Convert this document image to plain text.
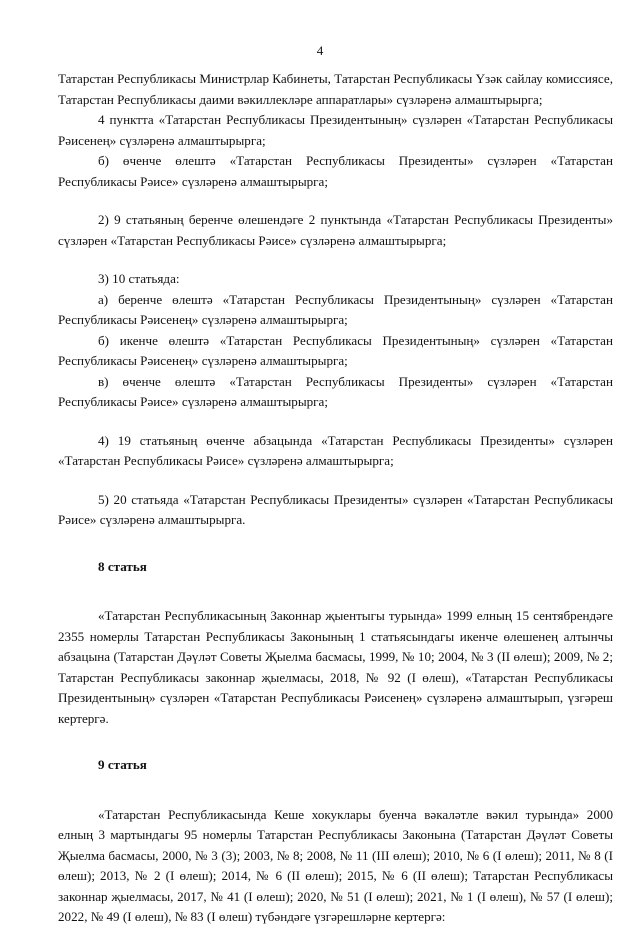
4

Татарстан Республикасы Министрлар Кабинеты, Татарстан Республикасы Үзәк сайлау комиссиясе, Татарстан Республикасы даими вәкиллекләре аппаратлары» сүзләренә алмаштырырга;

4 пунктта «Татарстан Республикасы Президентының» сүзләрен «Татарстан Республикасы Рәисенең» сүзләренә алмаштырырга;

б) өченче өлештә «Татарстан Республикасы Президенты» сүзләрен «Татарстан Республикасы Рәисе» сүзләренә алмаштырырга;

2) 9 статьяның беренче өлешендәге 2 пунктында «Татарстан Республикасы Президенты» сүзләрен «Татарстан Республикасы Рәисе» сүзләренә алмаштырырга;

3) 10 статьяда:

а) беренче өлештә «Татарстан Республикасы Президентының» сүзләрен «Татарстан Республикасы Рәисенең» сүзләренә алмаштырырга;

б) икенче өлештә «Татарстан Республикасы Президентының» сүзләрен «Татарстан Республикасы Рәисенең» сүзләренә алмаштырырга;

в) өченче өлештә «Татарстан Республикасы Президенты» сүзләрен «Татарстан Республикасы Рәисе» сүзләренә алмаштырырга;

4) 19 статьяның өченче абзацында «Татарстан Республикасы Президенты» сүзләрен «Татарстан Республикасы Рәисе» сүзләренә алмаштырырга;

5) 20 статьяда «Татарстан Республикасы Президенты» сүзләрен «Татарстан Республикасы Рәисе» сүзләренә алмаштырырга.

8 статья

«Татарстан Республикасының Законнар җыентыгы турында» 1999 елның 15 сентябрендәге 2355 номерлы Татарстан Республикасы Законының 1 статьясындагы икенче өлешенең алтынчы абзацына (Татарстан Дәүләт Советы Җыелма басмасы, 1999, № 10; 2004, № 3 (II өлеш); 2009, № 2; Татарстан Республикасы законнар җыелмасы, 2018, № 92 (I өлеш), «Татарстан Республикасы Президентының» сүзләрен «Татарстан Республикасы Рәисенең» сүзләренә алмаштырып, үзгәреш кертергә.

9 статья

«Татарстан Республикасында Кеше хокуклары буенча вәкаләтле вәкил турында» 2000 елның 3 мартындагы 95 номерлы Татарстан Республикасы Законына (Татарстан Дәүләт Советы Җыелма басмасы, 2000, № 3 (3); 2003, № 8; 2008, № 11 (III өлеш); 2010, № 6 (I өлеш); 2011, № 8 (I өлеш); 2013, № 2 (I өлеш); 2014, № 6 (II өлеш); 2015, № 6 (II өлеш); Татарстан Республикасы законнар җыелмасы, 2017, № 41 (I өлеш); 2020, № 51 (I өлеш); 2021, № 1 (I өлеш), № 57 (I өлеш); 2022, № 49 (I өлеш), № 83 (I өлеш) түбәндәге үзгәрешләрне кертергә:
